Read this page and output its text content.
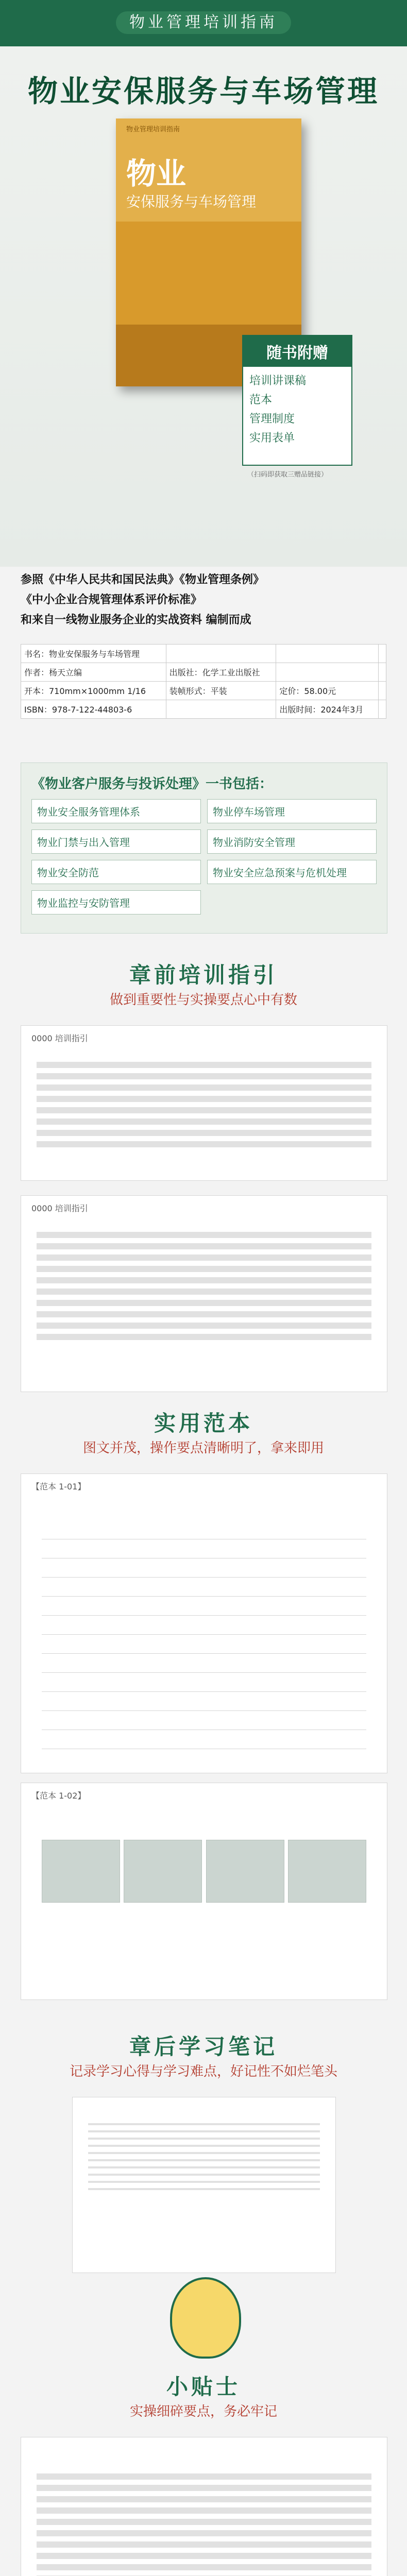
物业管理培训指南
物业安保服务与车场管理
物业管理培训指南
物业
安保服务与车场管理
随书附赠
培训讲课稿
范本
管理制度
实用表单
（扫码即获取三赠品链接）

参照《中华人民共和国民法典》《物业管理条例》

《中小企业合规管理体系评价标准》

和来自一线物业服务企业的实战资料 编制而成

书名：物业安保服务与车场管理			
作者：杨天立编	出版社：化学工业出版社		
开本：710mm×1000mm 1/16	装帧形式：平装	定价：58.00元	
ISBN：978-7-122-44803-6		出版时间：2024年3月	
《物业客户服务与投诉处理》一书包括：
物业安全服务管理体系	物业停车场管理
物业门禁与出入管理	物业消防安全管理
物业安全防范	物业安全应急预案与危机处理
物业监控与安防管理
章前培训指引
做到重要性与实操要点心中有数
0000 培训指引
0000 培训指引
实用范本
图文并茂，操作要点清晰明了，拿来即用
【范本 1-01】
【范本 1-02】
章后学习笔记
记录学习心得与学习难点，好记性不如烂笔头
小贴士
实操细碎要点，务必牢记
